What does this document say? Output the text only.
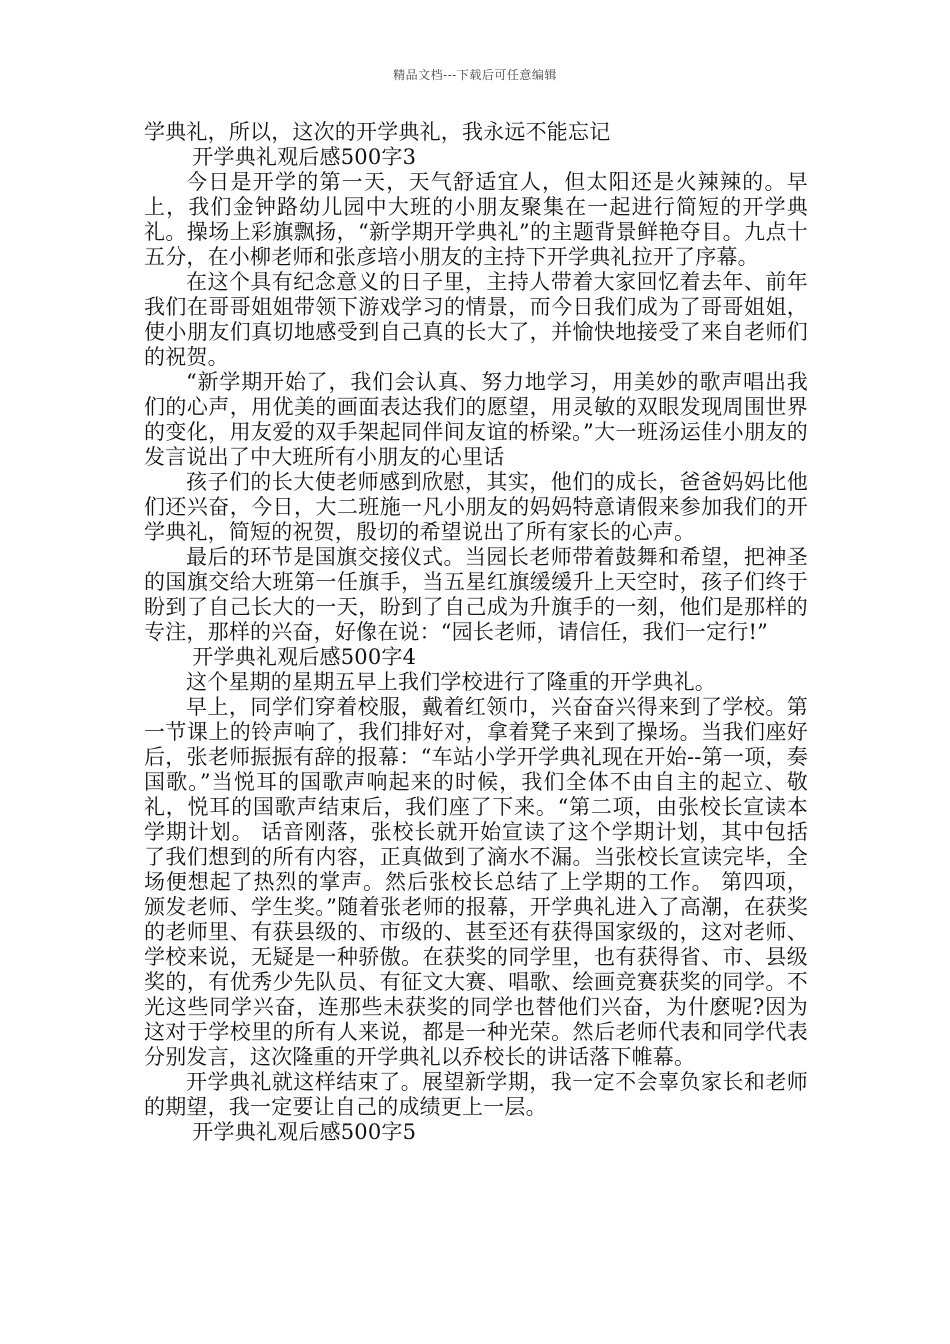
精品文档---下载后可任意编辑

学典礼，所以，这次的开学典礼，我永远不能忘记

开学典礼观后感500字3

今日是开学的第一天，天气舒适宜人，但太阳还是火辣辣的。早上，我们金钟路幼儿园中大班的小朋友聚集在一起进行简短的开学典礼。操场上彩旗飘扬，“新学期开学典礼”的主题背景鲜艳夺目。九点十五分，在小柳老师和张彦培小朋友的主持下开学典礼拉开了序幕。

在这个具有纪念意义的日子里，主持人带着大家回忆着去年、前年我们在哥哥姐姐带领下游戏学习的情景，而今日我们成为了哥哥姐姐，使小朋友们真切地感受到自己真的长大了，并愉快地接受了来自老师们的祝贺。

“新学期开始了，我们会认真、努力地学习，用美妙的歌声唱出我们的心声，用优美的画面表达我们的愿望，用灵敏的双眼发现周围世界的变化，用友爱的双手架起同伴间友谊的桥梁。”大一班汤运佳小朋友的发言说出了中大班所有小朋友的心里话

孩子们的长大使老师感到欣慰，其实，他们的成长，爸爸妈妈比他们还兴奋，今日，大二班施一凡小朋友的妈妈特意请假来参加我们的开学典礼，简短的祝贺，殷切的希望说出了所有家长的心声。

最后的环节是国旗交接仪式。当园长老师带着鼓舞和希望，把神圣的国旗交给大班第一任旗手，当五星红旗缓缓升上天空时，孩子们终于盼到了自己长大的一天，盼到了自己成为升旗手的一刻，他们是那样的专注，那样的兴奋，好像在说：“园长老师，请信任，我们一定行!”

开学典礼观后感500字4

这个星期的星期五早上我们学校进行了隆重的开学典礼。

早上，同学们穿着校服，戴着红领巾，兴奋奋兴得来到了学校。第一节课上的铃声响了，我们排好对，拿着凳子来到了操场。当我们座好后，张老师振振有辞的报幕：“车站小学开学典礼现在开始--第一项，奏国歌。”当悦耳的国歌声响起来的时候，我们全体不由自主的起立、敬礼，悦耳的国歌声结束后，我们座了下来。“第二项，由张校长宣读本学期计划。 话音刚落，张校长就开始宣读了这个学期计划，其中包括了我们想到的所有内容，正真做到了滴水不漏。当张校长宣读完毕，全场便想起了热烈的掌声。然后张校长总结了上学期的工作。 第四项，颁发老师、学生奖。”随着张老师的报幕，开学典礼进入了高潮，在获奖的老师里、有获县级的、市级的、甚至还有获得国家级的，这对老师、学校来说，无疑是一种骄傲。在获奖的同学里，也有获得省、市、县级奖的，有优秀少先队员、有征文大赛、唱歌、绘画竞赛获奖的同学。不光这些同学兴奋，连那些未获奖的同学也替他们兴奋，为什麽呢?因为这对于学校里的所有人来说，都是一种光荣。然后老师代表和同学代表分别发言，这次隆重的开学典礼以乔校长的讲话落下帷幕。

开学典礼就这样结束了。展望新学期，我一定不会辜负家长和老师的期望，我一定要让自己的成绩更上一层。

开学典礼观后感500字5
